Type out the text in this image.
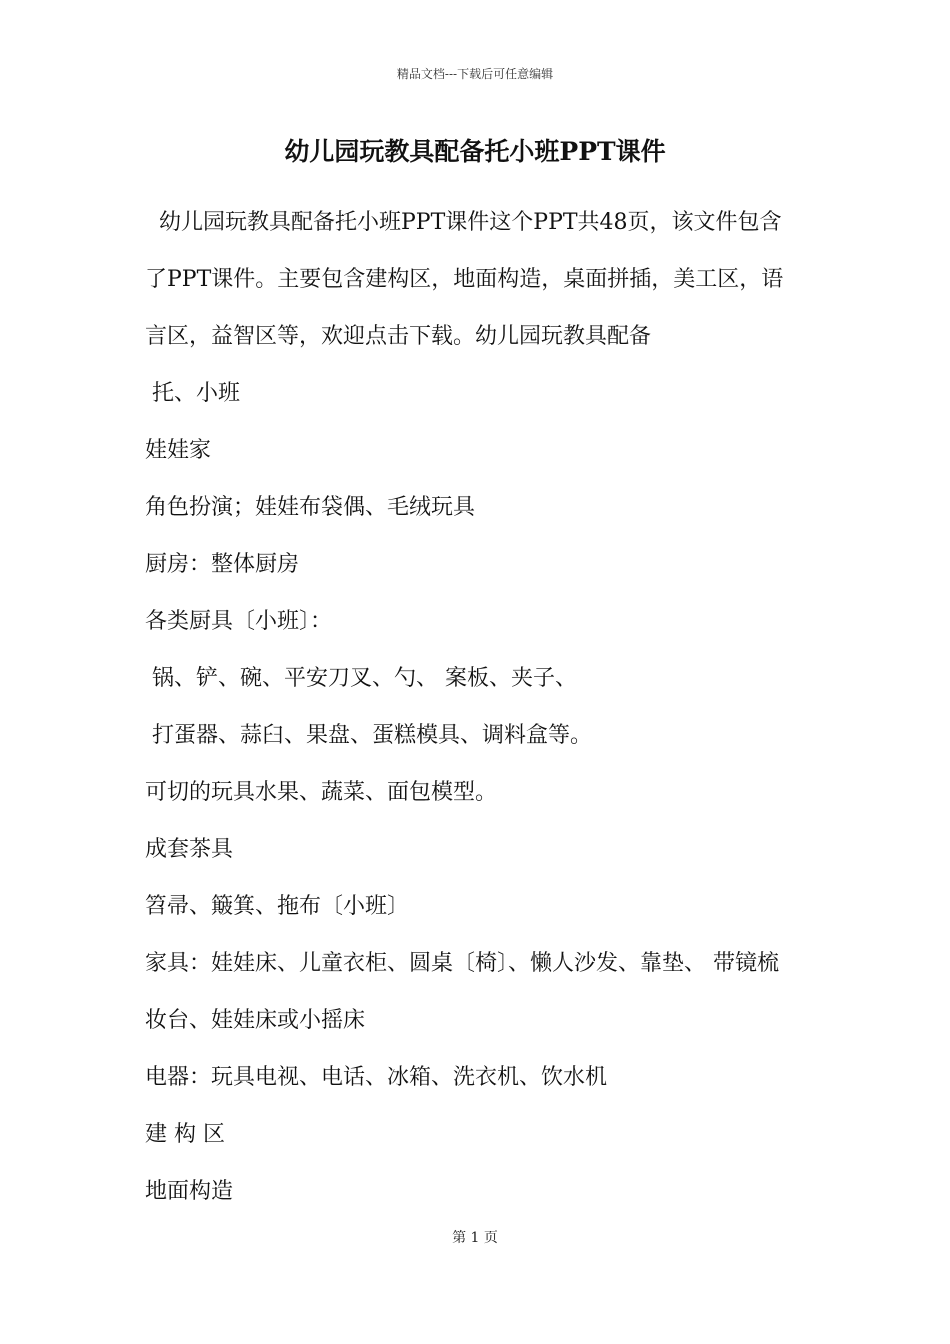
精品文档---下载后可任意编辑
幼儿园玩教具配备托小班PPT课件
幼儿园玩教具配备托小班PPT课件这个PPT共48页，该文件包含
了PPT课件。主要包含建构区，地面构造，桌面拼插，美工区，语
言区，益智区等，欢迎点击下载。幼儿园玩教具配备
托、小班
娃娃家
角色扮演；娃娃布袋偶、毛绒玩具
厨房：整体厨房
各类厨具〔小班〕：
锅、铲、碗、平安刀叉、勺、 案板、夹子、
打蛋器、蒜臼、果盘、蛋糕模具、调料盒等。
可切的玩具水果、蔬菜、面包模型。
成套茶具
笤帚、簸箕、拖布〔小班〕
家具：娃娃床、儿童衣柜、圆桌〔椅〕、懒人沙发、靠垫、 带镜梳
妆台、娃娃床或小摇床
电器：玩具电视、电话、冰箱、洗衣机、饮水机
建 构 区
地面构造
第 1 页
